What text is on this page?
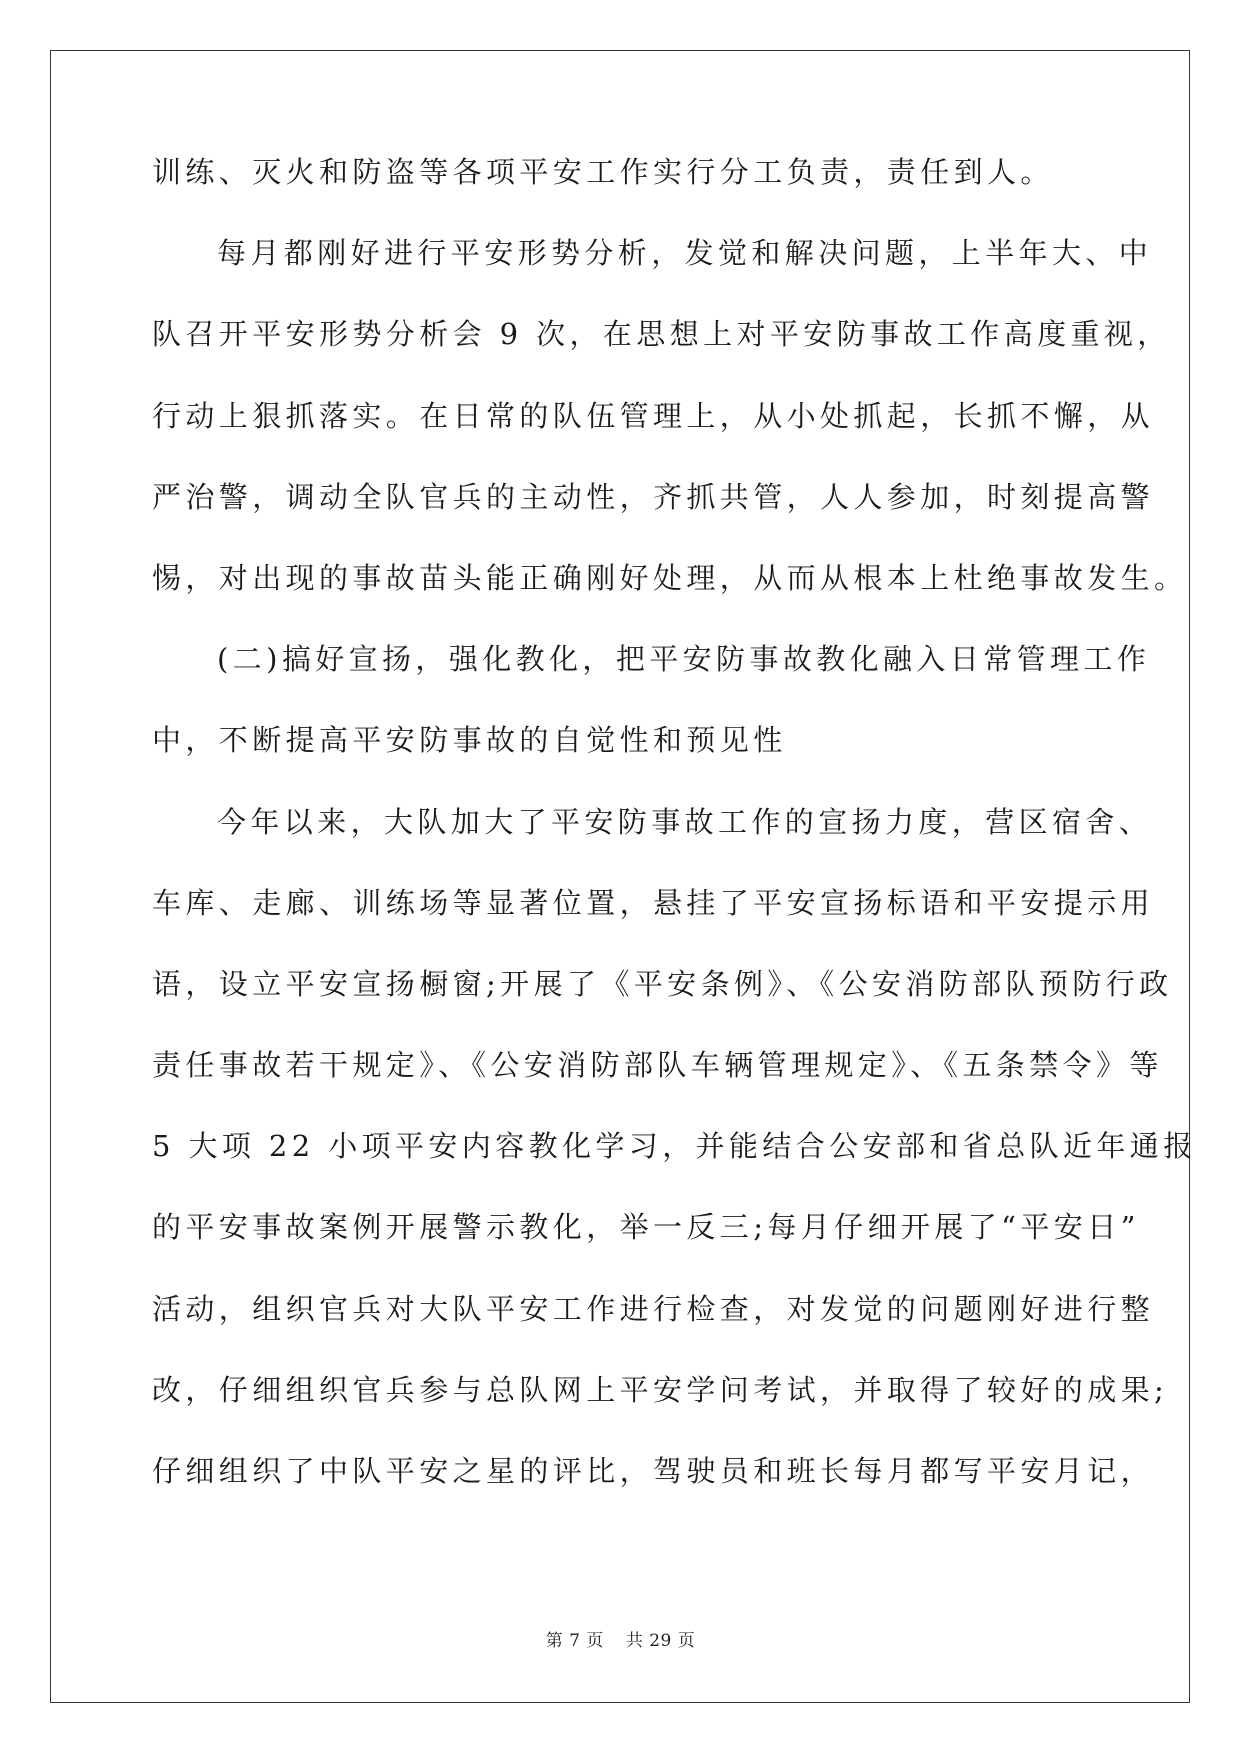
训练、灭火和防盗等各项平安工作实行分工负责，责任到人。
每月都刚好进行平安形势分析，发觉和解决问题，上半年大、中
队召开平安形势分析会 9 次，在思想上对平安防事故工作高度重视，
行动上狠抓落实。在日常的队伍管理上，从小处抓起，长抓不懈，从
严治警，调动全队官兵的主动性，齐抓共管，人人参加，时刻提高警
惕，对出现的事故苗头能正确刚好处理，从而从根本上杜绝事故发生。
(二)搞好宣扬，强化教化，把平安防事故教化融入日常管理工作
中，不断提高平安防事故的自觉性和预见性
今年以来，大队加大了平安防事故工作的宣扬力度，营区宿舍、
车库、走廊、训练场等显著位置，悬挂了平安宣扬标语和平安提示用
语，设立平安宣扬橱窗;开展了《平安条例》、《公安消防部队预防行政
责任事故若干规定》、《公安消防部队车辆管理规定》、《五条禁令》等
5 大项 22 小项平安内容教化学习，并能结合公安部和省总队近年通报
的平安事故案例开展警示教化，举一反三;每月仔细开展了“平安日”
活动，组织官兵对大队平安工作进行检查，对发觉的问题刚好进行整
改，仔细组织官兵参与总队网上平安学问考试，并取得了较好的成果;
仔细组织了中队平安之星的评比，驾驶员和班长每月都写平安月记，
第 7 页 共 29 页
